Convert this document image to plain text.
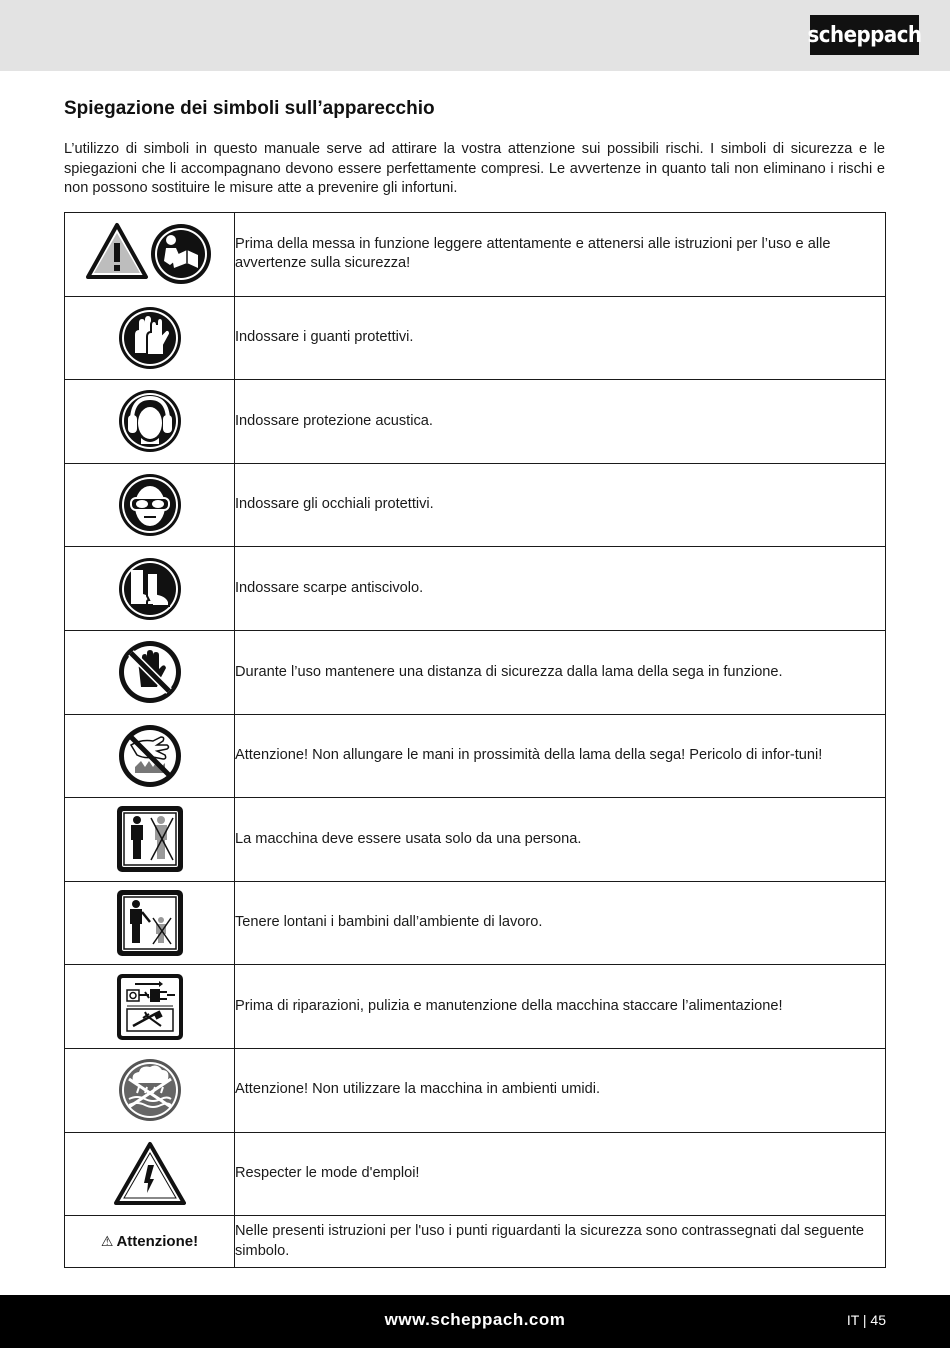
scheppach
Spiegazione dei simboli sull’apparecchio

L’utilizzo di simboli in questo manuale serve ad attirare la vostra attenzione sui possibili rischi. I simboli di sicurezza e le spiegazioni che li accompagnano devono essere perfettamente compresi. Le avvertenze in quanto tali non eliminano i rischi e non possono sostituire le misure atte a prevenire gli infortuni.

	Prima della messa in funzione leggere attentamente e attenersi alle istruzioni per l’uso e alle avvertenze sulla sicurezza!
	Indossare i guanti protettivi.
	Indossare protezione acustica.
	Indossare gli occhiali protettivi.
	Indossare scarpe antiscivolo.
	Durante l’uso mantenere una distanza di sicurezza dalla lama della sega in funzione.
	Attenzione! Non allungare le mani in prossimità della lama della sega! Pericolo di infor-tuni!
	La macchina deve essere usata solo da una persona.
	Tenere lontani i bambini dall’ambiente di lavoro.
	Prima di riparazioni, pulizia e manutenzione della macchina staccare l’alimentazione!
	Attenzione! Non utilizzare la macchina in ambienti umidi.
	Respecter le mode d'emploi!
⚠ Attenzione!	Nelle presenti istruzioni per l'uso i punti riguardanti la sicurezza sono contrassegnati dal seguente simbolo.
www.scheppach.com	IT | 45
